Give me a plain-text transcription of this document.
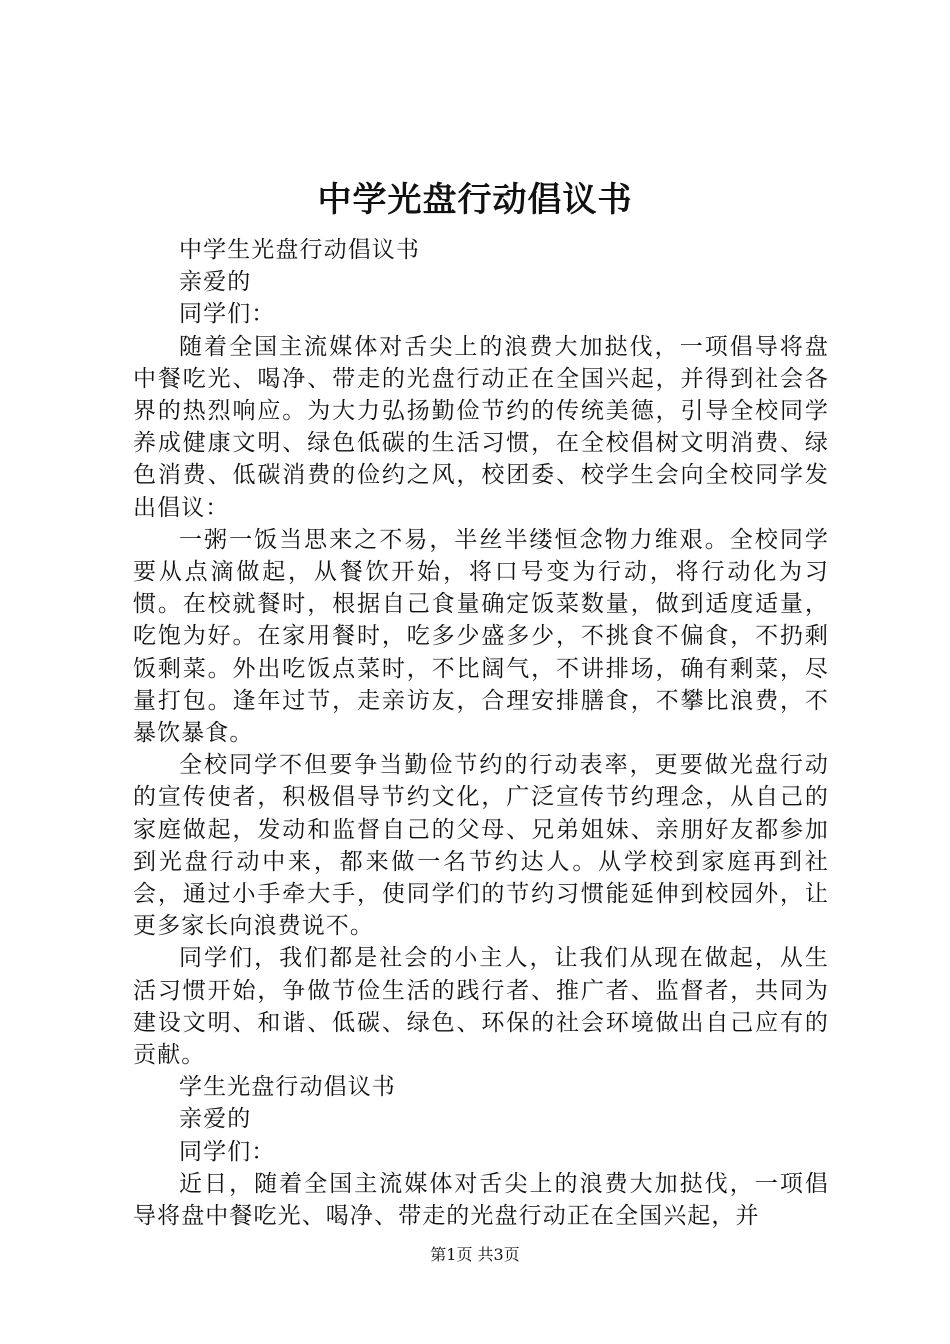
中学光盘行动倡议书

中学生光盘行动倡议书

亲爱的

同学们：

随着全国主流媒体对舌尖上的浪费大加挞伐，一项倡导将盘中餐吃光、喝净、带走的光盘行动正在全国兴起，并得到社会各界的热烈响应。为大力弘扬勤俭节约的传统美德，引导全校同学养成健康文明、绿色低碳的生活习惯，在全校倡树文明消费、绿色消费、低碳消费的俭约之风，校团委、校学生会向全校同学发出倡议：

一粥一饭当思来之不易，半丝半缕恒念物力维艰。全校同学要从点滴做起，从餐饮开始，将口号变为行动，将行动化为习惯。在校就餐时，根据自己食量确定饭菜数量，做到适度适量，吃饱为好。在家用餐时，吃多少盛多少，不挑食不偏食，不扔剩饭剩菜。外出吃饭点菜时，不比阔气，不讲排场，确有剩菜，尽量打包。逢年过节，走亲访友，合理安排膳食，不攀比浪费，不暴饮暴食。

全校同学不但要争当勤俭节约的行动表率，更要做光盘行动的宣传使者，积极倡导节约文化，广泛宣传节约理念，从自己的家庭做起，发动和监督自己的父母、兄弟姐妹、亲朋好友都参加到光盘行动中来，都来做一名节约达人。从学校到家庭再到社会，通过小手牵大手，使同学们的节约习惯能延伸到校园外，让更多家长向浪费说不。

同学们，我们都是社会的小主人，让我们从现在做起，从生活习惯开始，争做节俭生活的践行者、推广者、监督者，共同为建设文明、和谐、低碳、绿色、环保的社会环境做出自己应有的贡献。

学生光盘行动倡议书

亲爱的

同学们：

近日，随着全国主流媒体对舌尖上的浪费大加挞伐，一项倡导将盘中餐吃光、喝净、带走的光盘行动正在全国兴起，并

第1页 共3页
